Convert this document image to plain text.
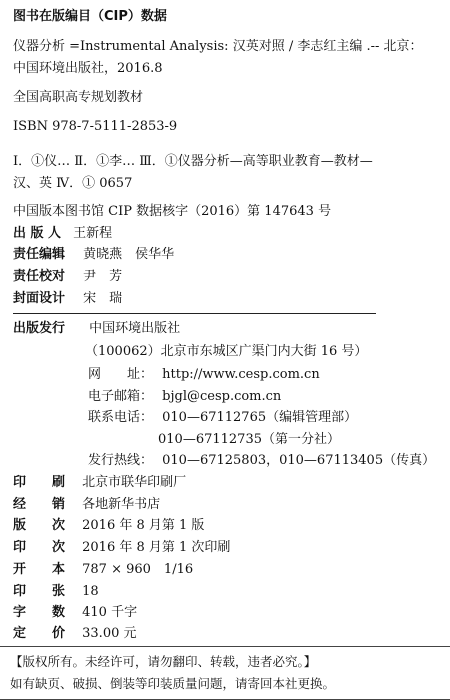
图书在版编目（CIP）数据
仪器分析 =Instrumental Analysis: 汉英对照 / 李志红主编 .-- 北京：
中国环境出版社，2016.8
全国高职高专规划教材
ISBN 978-7-5111-2853-9
Ⅰ．①仪… Ⅱ．①李… Ⅲ．①仪器分析—高等职业教育—教材—
汉、英 Ⅳ．① 0657
中国版本图书馆 CIP 数据核字（2016）第 147643 号
出 版 人 王新程
责任编辑 黄晓燕　侯华华
责任校对 尹　芳
封面设计 宋　瑞
出版发行 中国环境出版社
（100062）北京市东城区广渠门内大街 16 号）
网　　址： http://www.cesp.com.cn
电子邮箱： bjgl@cesp.com.cn
联系电话： 010—67112765（编辑管理部）
010—67112735（第一分社）
发行热线： 010—67125803，010—67113405（传真）
印　　刷 北京市联华印刷厂
经　　销 各地新华书店
版　　次 2016 年 8 月第 1 版
印　　次 2016 年 8 月第 1 次印刷
开　　本 787 × 960　1/16
印　　张 18
字　　数 410 千字
定　　价 33.00 元
【版权所有。未经许可，请勿翻印、转载，违者必究。】
如有缺页、破损、倒装等印装质量问题，请寄回本社更换。
